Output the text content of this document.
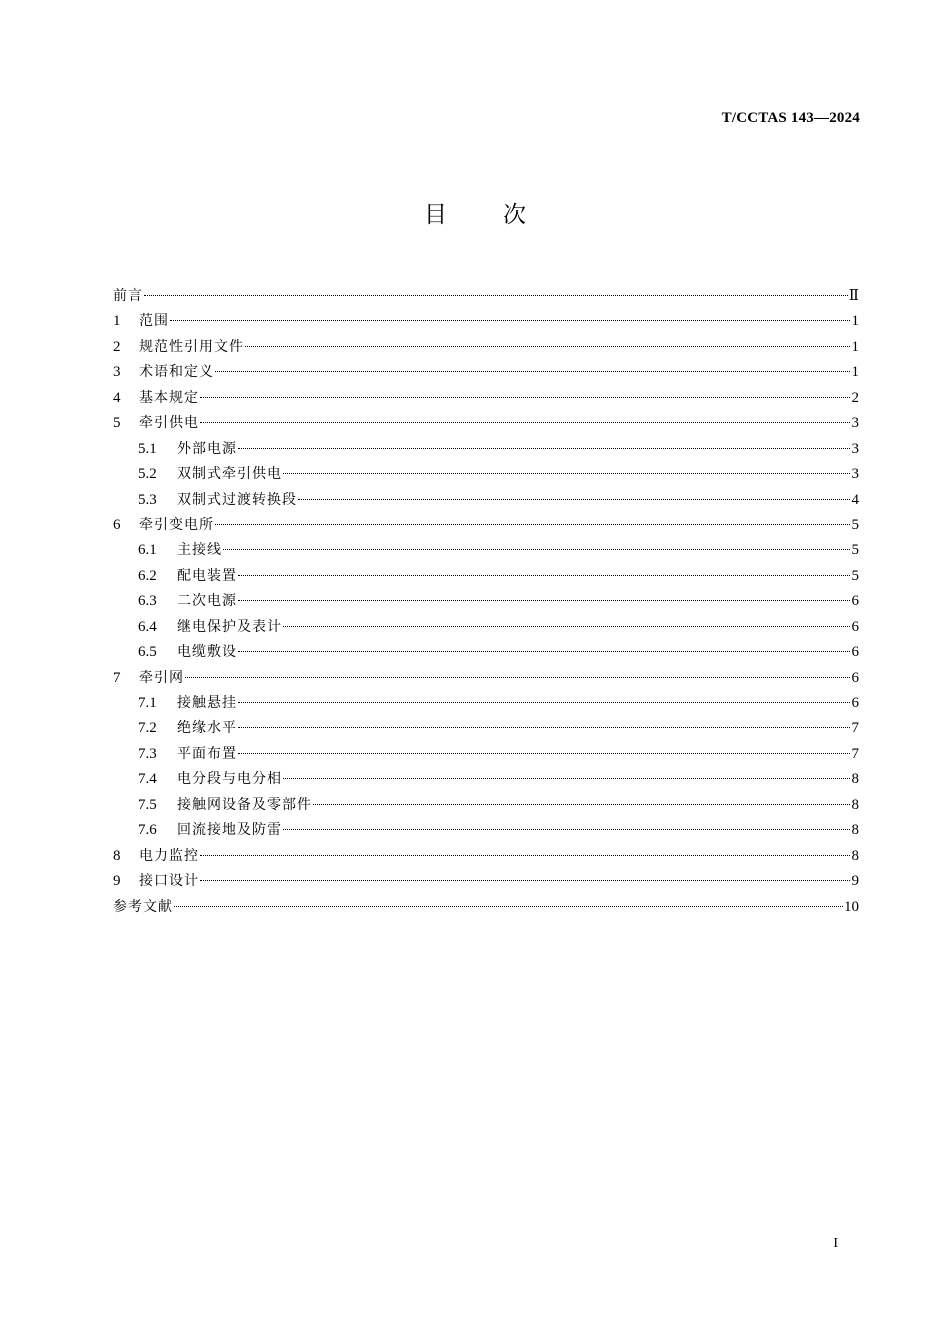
T/CCTAS 143—2024
目次
前言	Ⅱ
1	范围	1
2	规范性引用文件	1
3	术语和定义	1
4	基本规定	2
5	牵引供电	3
5.1	外部电源	3
5.2	双制式牵引供电	3
5.3	双制式过渡转换段	4
6	牵引变电所	5
6.1	主接线	5
6.2	配电装置	5
6.3	二次电源	6
6.4	继电保护及表计	6
6.5	电缆敷设	6
7	牵引网	6
7.1	接触悬挂	6
7.2	绝缘水平	7
7.3	平面布置	7
7.4	电分段与电分相	8
7.5	接触网设备及零部件	8
7.6	回流接地及防雷	8
8	电力监控	8
9	接口设计	9
参考文献	10
I
